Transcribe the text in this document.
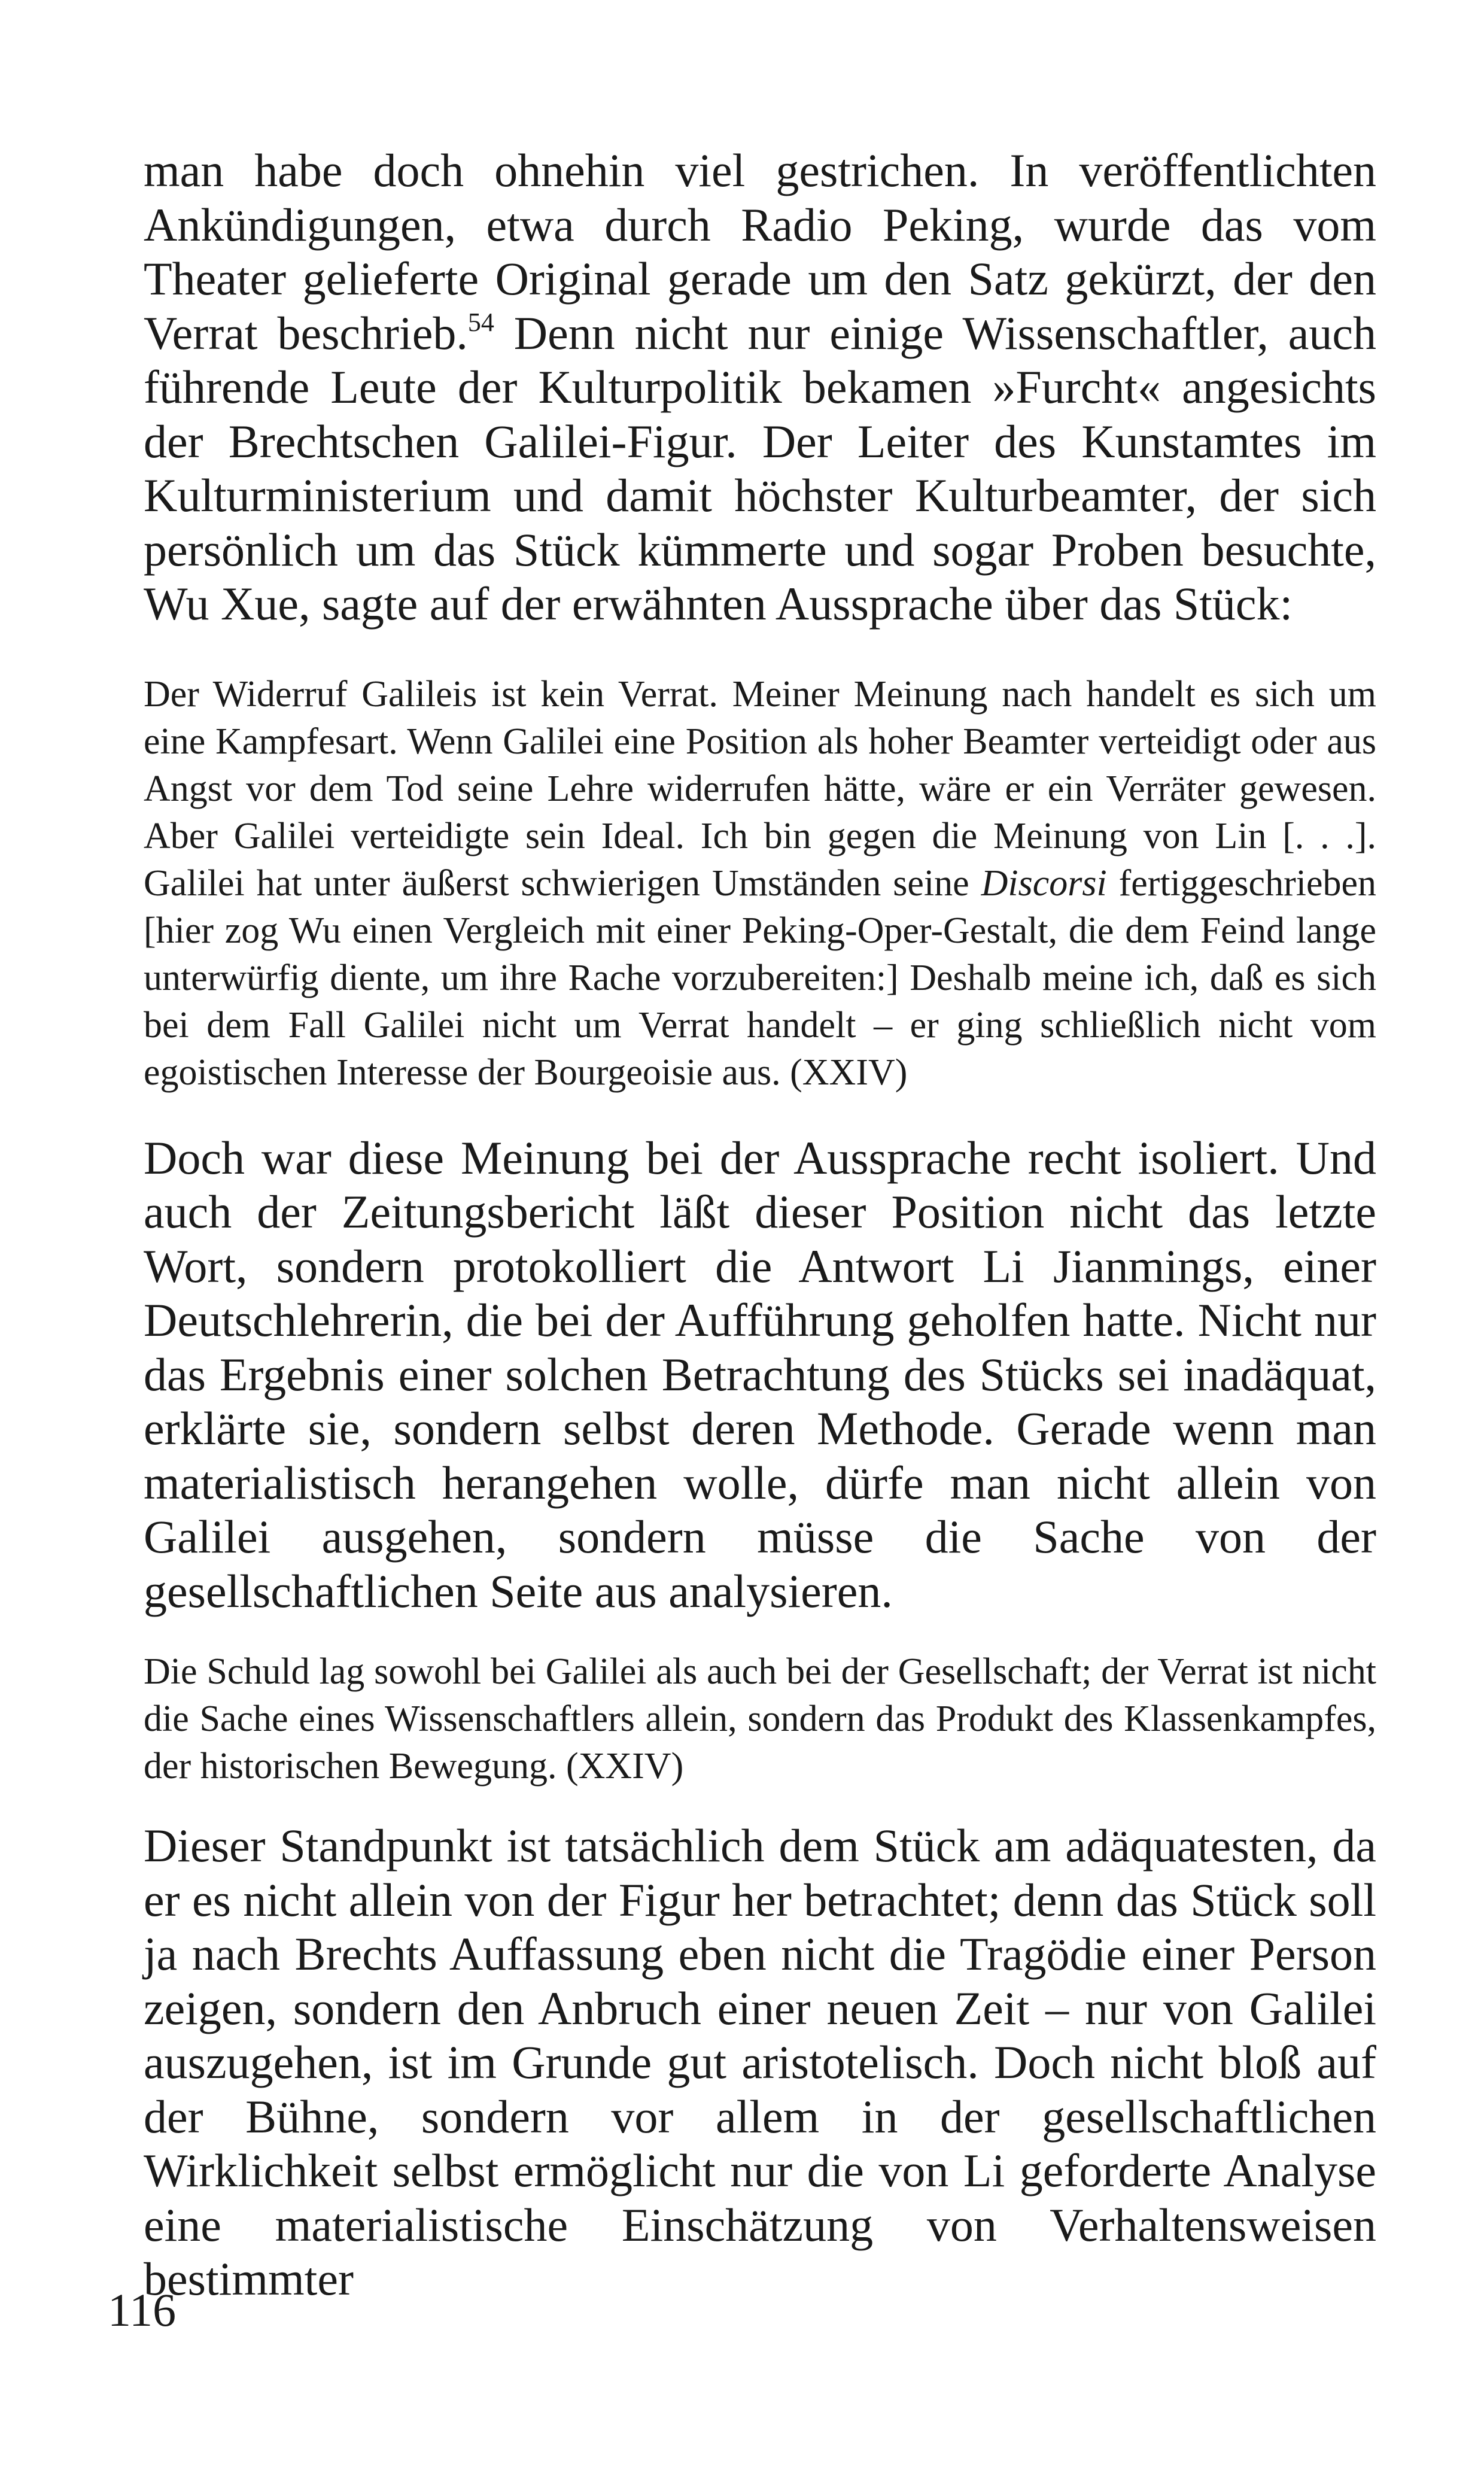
man habe doch ohnehin viel gestrichen. In veröffentlichten Ankündigungen, etwa durch Radio Peking, wurde das vom Theater gelieferte Original gerade um den Satz gekürzt, der den Verrat beschrieb.$^{54}$ Denn nicht nur einige Wissenschaftler, auch führende Leute der Kulturpolitik bekamen »Furcht« angesichts der Brechtschen Galilei-Figur. Der Leiter des Kunstamtes im Kulturministerium und damit höchster Kulturbeamter, der sich persönlich um das Stück kümmerte und sogar Proben besuchte, Wu Xue, sagte auf der erwähnten Aussprache über das Stück:

Der Widerruf Galileis ist kein Verrat. Meiner Meinung nach handelt es sich um eine Kampfesart. Wenn Galilei eine Position als hoher Beamter verteidigt oder aus Angst vor dem Tod seine Lehre widerrufen hätte, wäre er ein Verräter gewesen. Aber Galilei verteidigte sein Ideal. Ich bin gegen die Meinung von Lin [. . .]. Galilei hat unter äußerst schwierigen Umständen seine Discorsi fertiggeschrieben [hier zog Wu einen Vergleich mit einer Peking-Oper-Gestalt, die dem Feind lange unterwürfig diente, um ihre Rache vorzubereiten:] Deshalb meine ich, daß es sich bei dem Fall Galilei nicht um Verrat handelt – er ging schließlich nicht vom egoistischen Interesse der Bourgeoisie aus. (XXIV)

Doch war diese Meinung bei der Aussprache recht isoliert. Und auch der Zeitungsbericht läßt dieser Position nicht das letzte Wort, sondern protokolliert die Antwort Li Jianmings, einer Deutschlehrerin, die bei der Aufführung geholfen hatte. Nicht nur das Ergebnis einer solchen Betrachtung des Stücks sei inadäquat, erklärte sie, sondern selbst deren Methode. Gerade wenn man materialistisch herangehen wolle, dürfe man nicht allein von Galilei ausgehen, sondern müsse die Sache von der gesellschaftlichen Seite aus analysieren.

Die Schuld lag sowohl bei Galilei als auch bei der Gesellschaft; der Verrat ist nicht die Sache eines Wissenschaftlers allein, sondern das Produkt des Klassenkampfes, der historischen Bewegung. (XXIV)

Dieser Standpunkt ist tatsächlich dem Stück am adäquatesten, da er es nicht allein von der Figur her betrachtet; denn das Stück soll ja nach Brechts Auffassung eben nicht die Tragödie einer Person zeigen, sondern den Anbruch einer neuen Zeit – nur von Galilei auszugehen, ist im Grunde gut aristotelisch. Doch nicht bloß auf der Bühne, sondern vor allem in der gesellschaftlichen Wirklichkeit selbst ermöglicht nur die von Li geforderte Analyse eine materialistische Einschätzung von Verhaltensweisen bestimmter

116
